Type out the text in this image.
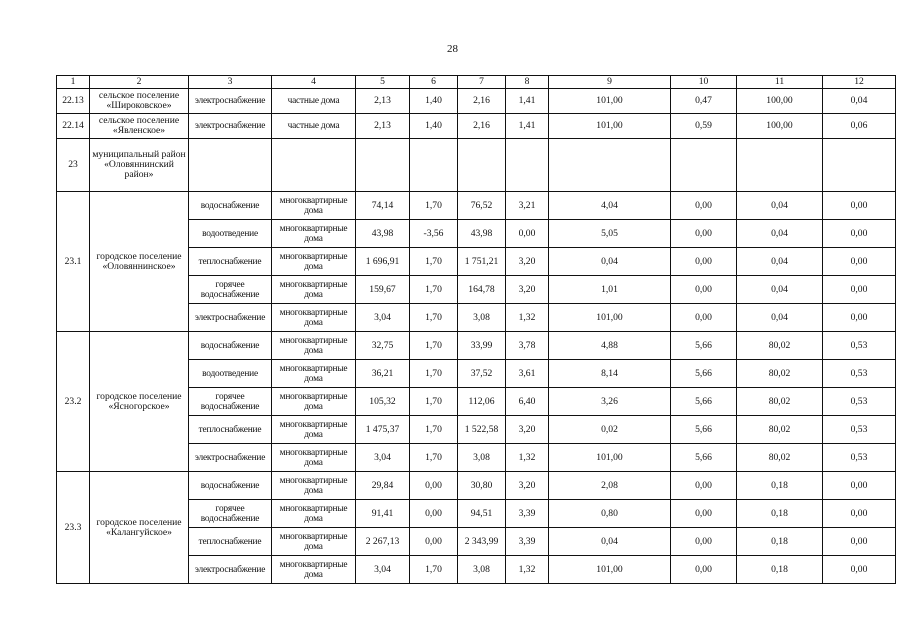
28
1	2	3	4	5	6	7	8	9	10	11	12
22.13	сельское поселение «Широковское»	электроснабжение	частные дома	2,13	1,40	2,16	1,41	101,00	0,47	100,00	0,04
22.14	сельское поселение «Явленское»	электроснабжение	частные дома	2,13	1,40	2,16	1,41	101,00	0,59	100,00	0,06
23	муниципальный район «Оловяннинский район»										
23.1	городское поселение «Оловяннинское»	водоснабжение	многоквартирные дома	74,14	1,70	76,52	3,21	4,04	0,00	0,04	0,00
		водоотведение	многоквартирные дома	43,98	-3,56	43,98	0,00	5,05	0,00	0,04	0,00
		теплоснабжение	многоквартирные дома	1 696,91	1,70	1 751,21	3,20	0,04	0,00	0,04	0,00
		горячее водоснабжение	многоквартирные дома	159,67	1,70	164,78	3,20	1,01	0,00	0,04	0,00
		электроснабжение	многоквартирные дома	3,04	1,70	3,08	1,32	101,00	0,00	0,04	0,00
23.2	городское поселение «Ясногорское»	водоснабжение	многоквартирные дома	32,75	1,70	33,99	3,78	4,88	5,66	80,02	0,53
		водоотведение	многоквартирные дома	36,21	1,70	37,52	3,61	8,14	5,66	80,02	0,53
		горячее водоснабжение	многоквартирные дома	105,32	1,70	112,06	6,40	3,26	5,66	80,02	0,53
		теплоснабжение	многоквартирные дома	1 475,37	1,70	1 522,58	3,20	0,02	5,66	80,02	0,53
		электроснабжение	многоквартирные дома	3,04	1,70	3,08	1,32	101,00	5,66	80,02	0,53
23.3	городское поселение «Калангуйское»	водоснабжение	многоквартирные дома	29,84	0,00	30,80	3,20	2,08	0,00	0,18	0,00
		горячее водоснабжение	многоквартирные дома	91,41	0,00	94,51	3,39	0,80	0,00	0,18	0,00
		теплоснабжение	многоквартирные дома	2 267,13	0,00	2 343,99	3,39	0,04	0,00	0,18	0,00
		электроснабжение	многоквартирные дома	3,04	1,70	3,08	1,32	101,00	0,00	0,18	0,00
